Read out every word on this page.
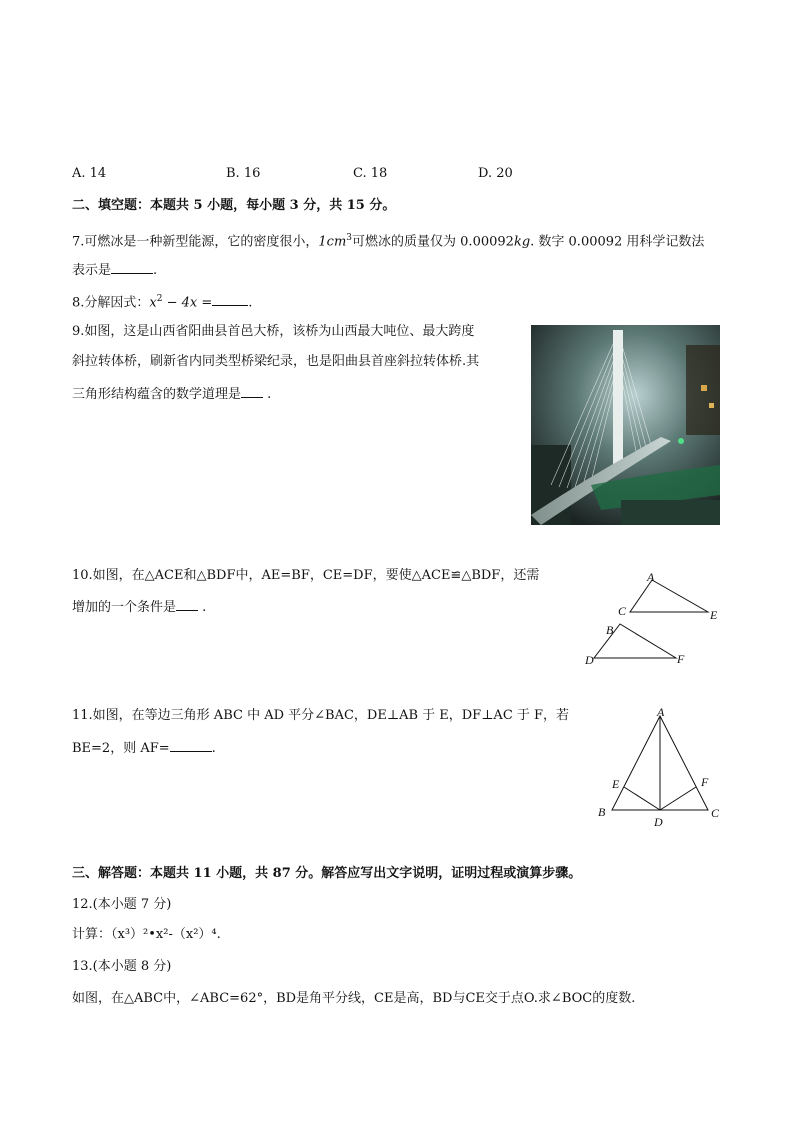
A. 14	B. 16	C. 18	D. 20
二、填空题：本题共 5 小题，每小题 3 分，共 15 分。
7.可燃冰是一种新型能源，它的密度很小，$1cm^3$可燃冰的质量仅为 0.00092kg. 数字 0.00092 用科学记数法
表示是	.
8.分解因式：$x^2 - 4x$ =	.
9.如图，这是山西省阳曲县首邑大桥，该桥为山西最大吨位、最大跨度
斜拉转体桥，刷新省内同类型桥梁纪录，也是阳曲县首座斜拉转体桥.其
三角形结构蕴含的数学道理是 .
10.如图，在△ACE和△BDF中，AE=BF，CE=DF，要使△ACE≌△BDF，还需
增加的一个条件是 .
A
C	E
B
D	F
11.如图，在等边三角形 ABC 中 AD 平分∠BAC，DE⊥AB 于 E，DF⊥AC 于 F，若
BE=2，则 AF=	.
A
E	F
B
D
C
三、解答题：本题共 11 小题，共 87 分。解答应写出文字说明，证明过程或演算步骤。
12.(本小题 7 分)
计算：（x³）²•x²-（x²）⁴.
13.(本小题 8 分)
如图，在△ABC中，∠ABC=62°，BD是角平分线，CE是高，BD与CE交于点O.求∠BOC的度数.
